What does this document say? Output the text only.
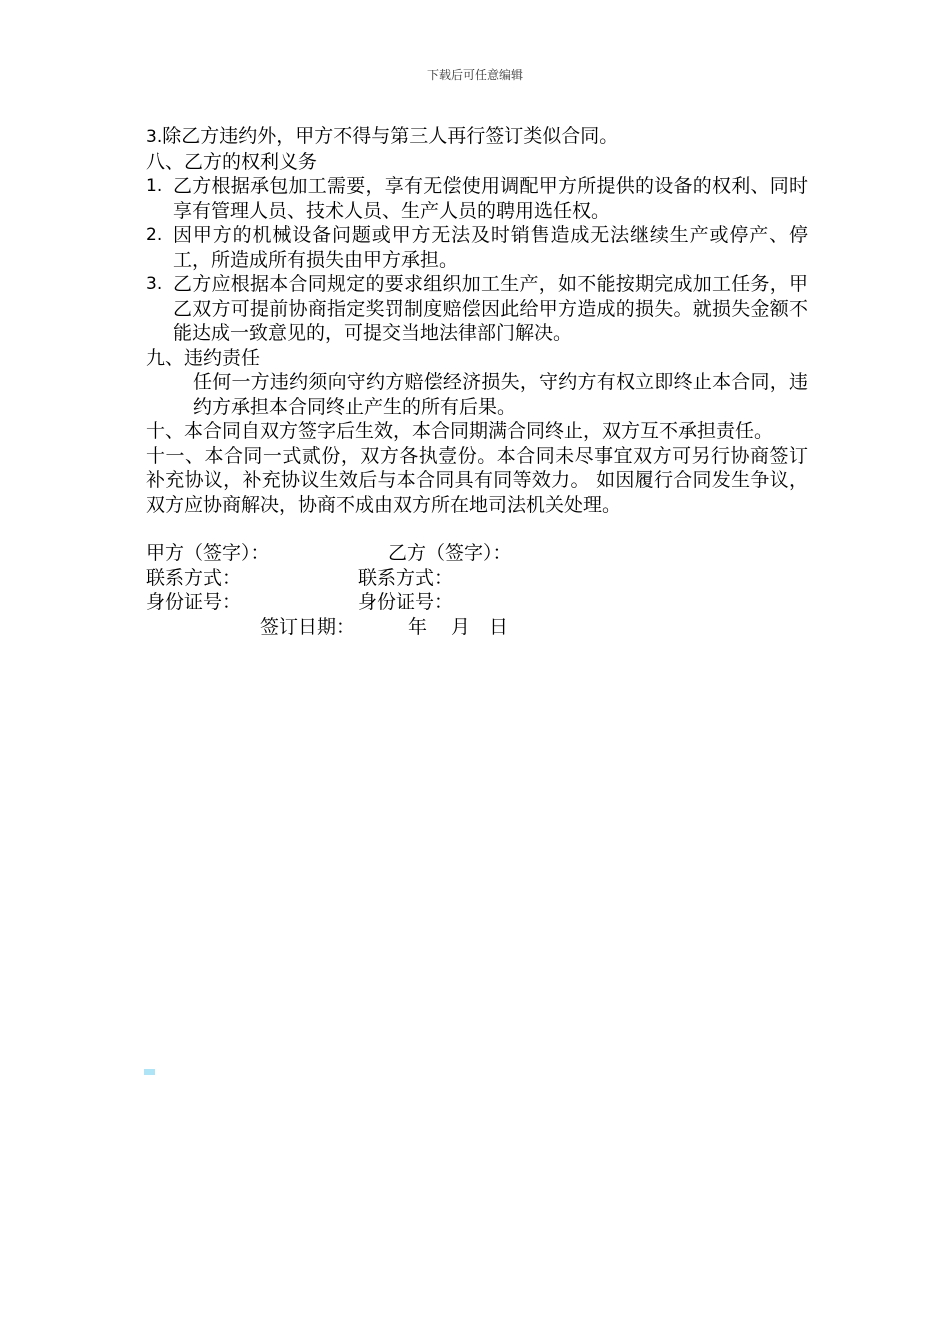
下载后可任意编辑

3.除乙方违约外，甲方不得与第三人再行签订类似合同。

八、乙方的权利义务

1. 乙方根据承包加工需要，享有无偿使用调配甲方所提供的设备的权利、同时享有管理人员、技术人员、生产人员的聘用选任权。
2. 因甲方的机械设备问题或甲方无法及时销售造成无法继续生产或停产、停工，所造成所有损失由甲方承担。
3. 乙方应根据本合同规定的要求组织加工生产，如不能按期完成加工任务，甲乙双方可提前协商指定奖罚制度赔偿因此给甲方造成的损失。就损失金额不能达成一致意见的，可提交当地法律部门解决。

九、违约责任

任何一方违约须向守约方赔偿经济损失，守约方有权立即终止本合同，违约方承担本合同终止产生的所有后果。

十、本合同自双方签字后生效，本合同期满合同终止，双方互不承担责任。

十一、本合同一式贰份，双方各执壹份。本合同未尽事宜双方可另行协商签订补充协议，补充协议生效后与本合同具有同等效力。 如因履行合同发生争议，双方应协商解决，协商不成由双方所在地司法机关处理。

甲方（签字）：	乙方（签字）：
联系方式：	联系方式：
身份证号：	身份证号：
签订日期：	年 月 日
